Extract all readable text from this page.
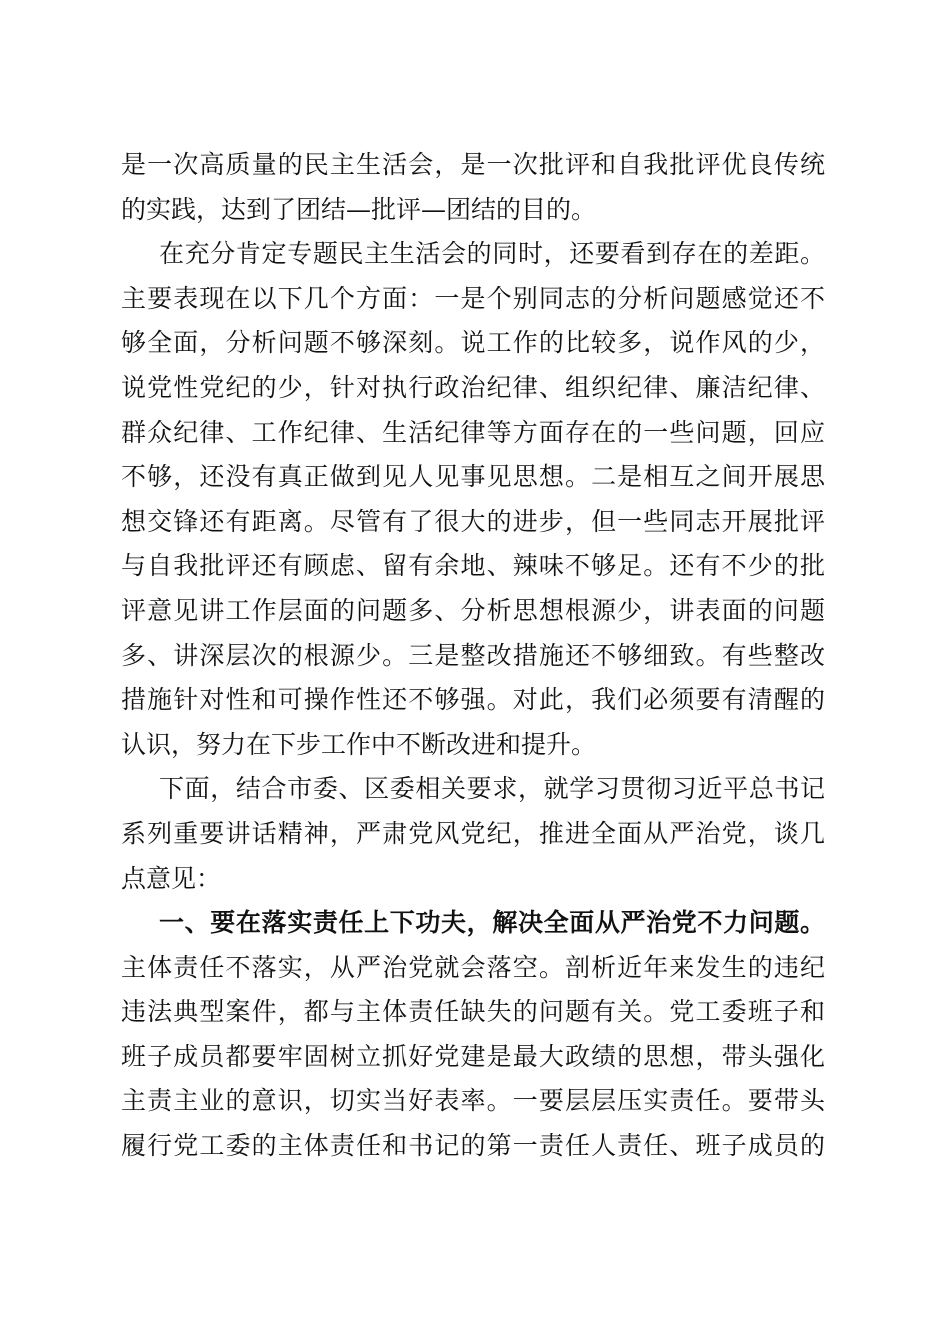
是一次高质量的民主生活会，是一次批评和自我批评优良传统
的实践，达到了团结—批评—团结的目的。
在充分肯定专题民主生活会的同时，还要看到存在的差距。
主要表现在以下几个方面：一是个别同志的分析问题感觉还不
够全面，分析问题不够深刻。说工作的比较多，说作风的少，
说党性党纪的少，针对执行政治纪律、组织纪律、廉洁纪律、
群众纪律、工作纪律、生活纪律等方面存在的一些问题，回应
不够，还没有真正做到见人见事见思想。二是相互之间开展思
想交锋还有距离。尽管有了很大的进步，但一些同志开展批评
与自我批评还有顾虑、留有余地、辣味不够足。还有不少的批
评意见讲工作层面的问题多、分析思想根源少，讲表面的问题
多、讲深层次的根源少。三是整改措施还不够细致。有些整改
措施针对性和可操作性还不够强。对此，我们必须要有清醒的
认识，努力在下步工作中不断改进和提升。
下面，结合市委、区委相关要求，就学习贯彻习近平总书记
系列重要讲话精神，严肃党风党纪，推进全面从严治党，谈几
点意见：
一、要在落实责任上下功夫，解决全面从严治党不力问题。
主体责任不落实，从严治党就会落空。剖析近年来发生的违纪
违法典型案件，都与主体责任缺失的问题有关。党工委班子和
班子成员都要牢固树立抓好党建是最大政绩的思想，带头强化
主责主业的意识，切实当好表率。一要层层压实责任。要带头
履行党工委的主体责任和书记的第一责任人责任、班子成员的
